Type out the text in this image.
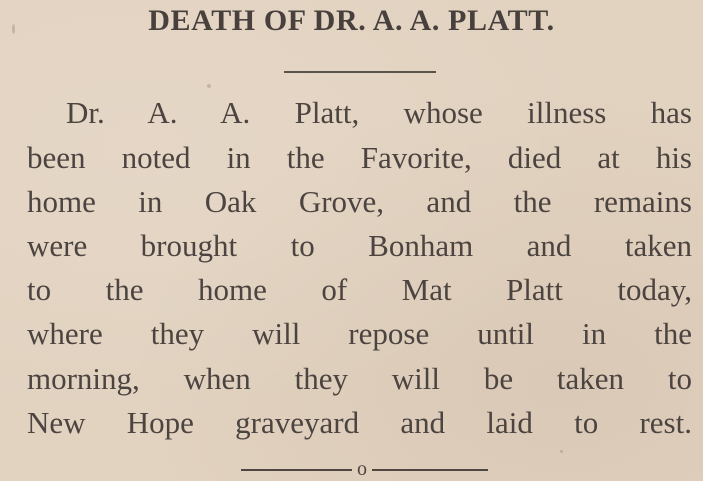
DEATH OF DR. A. A. PLATT.
Dr. A. A. Platt, whose illness has
been noted in the Favorite, died at his
home in Oak Grove, and the remains
were brought to Bonham and taken
to the home of Mat Platt today,
where they will repose until in the
morning, when they will be taken to
New Hope graveyard and laid to rest.
o
